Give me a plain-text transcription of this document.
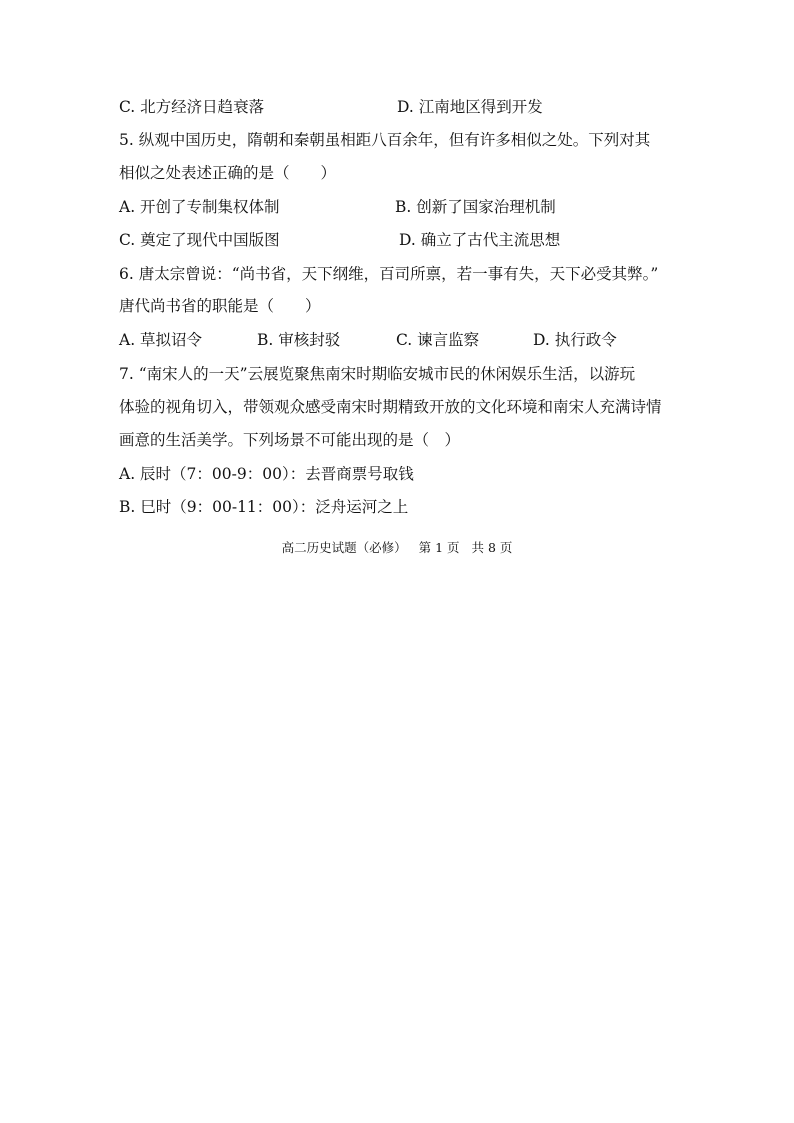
C. 北方经济日趋衰落	D. 江南地区得到开发
5. 纵观中国历史，隋朝和秦朝虽相距八百余年，但有许多相似之处。下列对其
相似之处表述正确的是（　　）
A. 开创了专制集权体制	B. 创新了国家治理机制
C. 奠定了现代中国版图	D. 确立了古代主流思想
6. 唐太宗曾说：“尚书省，天下纲维，百司所禀，若一事有失，天下必受其弊。”
唐代尚书省的职能是（　　）
A. 草拟诏令	B. 审核封驳	C. 谏言监察	D. 执行政令
7. “南宋人的一天”云展览聚焦南宋时期临安城市民的休闲娱乐生活，以游玩
体验的视角切入，带领观众感受南宋时期精致开放的文化环境和南宋人充满诗情
画意的生活美学。下列场景不可能出现的是（　）
A. 辰时（7：00-9：00）：去晋商票号取钱
B. 巳时（9：00-11：00）：泛舟运河之上
高二历史试题（必修） 第 1 页 共 8 页
